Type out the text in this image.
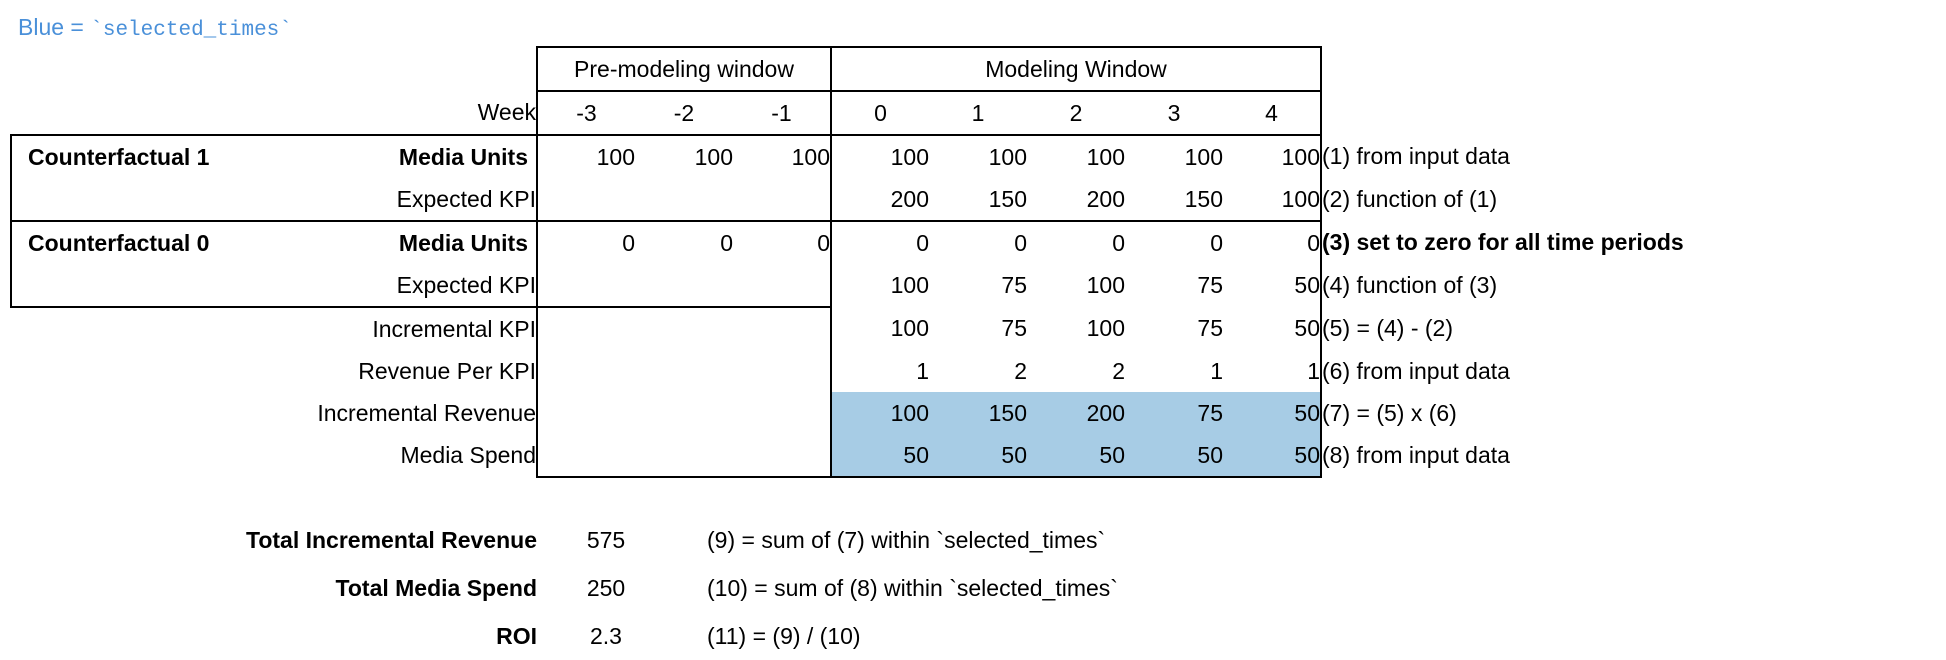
Blue = `selected_times`
	Pre-modeling window			Modeling Window					
Week	-3	-2	-1	0	1	2	3	4	

Counterfactual 1 Media Units	100	100	100	100	100	100	100	100	(1) from input data
Expected KPI				200	150	200	150	100	(2) function of (1)

Counterfactual 0 Media Units	0	0	0	0	0	0	0	0	(3) set to zero for all time periods
Expected KPI				100	75	100	75	50	(4) function of (3)
Incremental KPI				100	75	100	75	50	(5) = (4) - (2)
Revenue Per KPI				1	2	2	1	1	(6) from input data
Incremental Revenue				100	150	200	75	50	(7) = (5) x (6)
Media Spend				50	50	50	50	50	(8) from input data
Total Incremental Revenue	575	(9) = sum of (7) within `selected_times`
Total Media Spend	250	(10) = sum of (8) within `selected_times`
ROI	2.3	(11) = (9) / (10)
